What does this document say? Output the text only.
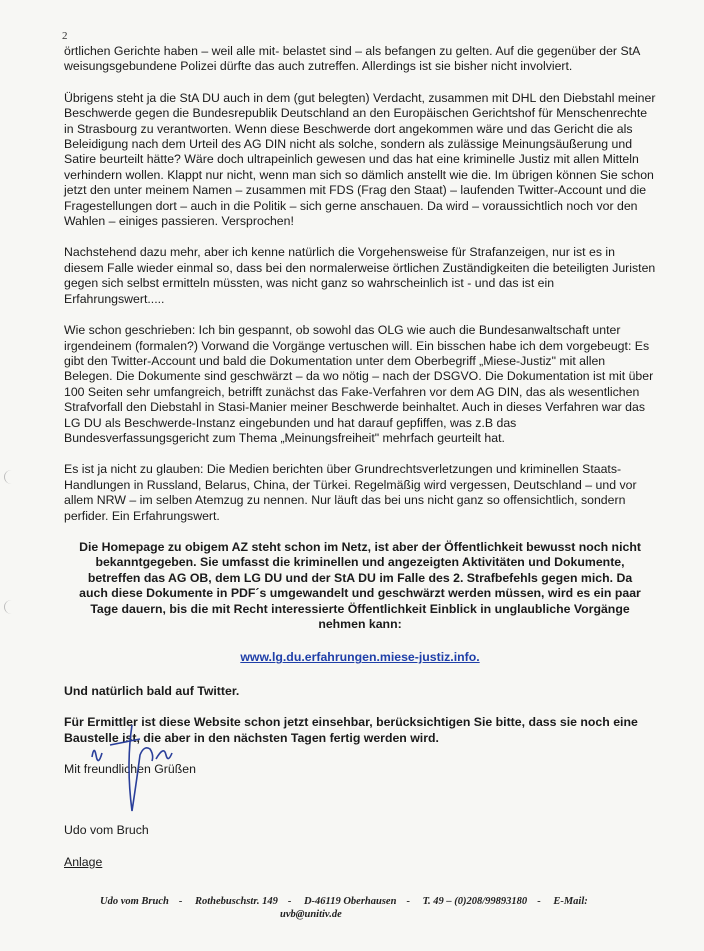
2

örtlichen Gerichte haben – weil alle mit- belastet sind – als befangen zu gelten. Auf die gegenüber der StA weisungsgebundene Polizei dürfte das auch zutreffen. Allerdings ist sie bisher nicht involviert.

Übrigens steht ja die StA DU auch in dem (gut belegten) Verdacht, zusammen mit DHL den Diebstahl meiner Beschwerde gegen die Bundesrepublik Deutschland an den Europäischen Gerichtshof für Menschenrechte in Strasbourg zu verantworten. Wenn diese Beschwerde dort angekommen wäre und das Gericht die als Beleidigung nach dem Urteil des AG DIN nicht als solche, sondern als zulässige Meinungsäußerung und Satire beurteilt hätte? Wäre doch ultrapeinlich gewesen und das hat eine kriminelle Justiz mit allen Mitteln verhindern wollen. Klappt nur nicht, wenn man sich so dämlich anstellt wie die. Im übrigen können Sie schon jetzt den unter meinem Namen – zusammen mit FDS (Frag den Staat) – laufenden Twitter-Account und die Fragestellungen dort – auch in die Politik – sich gerne anschauen. Da wird – voraussichtlich noch vor den Wahlen – einiges passieren. Versprochen!

Nachstehend dazu mehr, aber ich kenne natürlich die Vorgehensweise für Strafanzeigen, nur ist es in diesem Falle wieder einmal so, dass bei den normalerweise örtlichen Zuständigkeiten die beteiligten Juristen gegen sich selbst ermitteln müssten, was nicht ganz so wahrscheinlich ist - und das ist ein Erfahrungswert.....

Wie schon geschrieben: Ich bin gespannt, ob sowohl das OLG wie auch die Bundesanwaltschaft unter irgendeinem (formalen?) Vorwand die Vorgänge vertuschen will. Ein bisschen habe ich dem vorgebeugt: Es gibt den Twitter-Account und bald die Dokumentation unter dem Oberbegriff „Miese-Justiz" mit allen Belegen. Die Dokumente sind geschwärzt – da wo nötig – nach der DSGVO. Die Dokumentation ist mit über 100 Seiten sehr umfangreich, betrifft zunächst das Fake-Verfahren vor dem AG DIN, das als wesentlichen Strafvorfall den Diebstahl in Stasi-Manier meiner Beschwerde beinhaltet. Auch in dieses Verfahren war das LG DU als Beschwerde-Instanz eingebunden und hat darauf gepfiffen, was z.B das Bundesverfassungsgericht zum Thema „Meinungsfreiheit" mehrfach geurteilt hat.

Es ist ja nicht zu glauben: Die Medien berichten über Grundrechtsverletzungen und kriminellen Staats-Handlungen in Russland, Belarus, China, der Türkei. Regelmäßig wird vergessen, Deutschland – und vor allem NRW – im selben Atemzug zu nennen. Nur läuft das bei uns nicht ganz so offensichtlich, sondern perfider. Ein Erfahrungswert.

Die Homepage zu obigem AZ steht schon im Netz, ist aber der Öffentlichkeit bewusst noch nicht bekanntgegeben. Sie umfasst die kriminellen und angezeigten Aktivitäten und Dokumente, betreffen das AG OB, dem LG DU und der StA DU im Falle des 2. Strafbefehls gegen mich. Da auch diese Dokumente in PDF´s umgewandelt und geschwärzt werden müssen, wird es ein paar Tage dauern, bis die mit Recht interessierte Öffentlichkeit Einblick in unglaubliche Vorgänge nehmen kann:
www.lg.du.erfahrungen.miese-justiz.info.

Und natürlich bald auf Twitter.

Für Ermittler ist diese Website schon jetzt einsehbar, berücksichtigen Sie bitte, dass sie noch eine Baustelle ist, die aber in den nächsten Tagen fertig werden wird.

Mit freundlichen Grüßen

Udo vom Bruch

Anlage

Udo vom Bruch - Rothebuschstr. 149 - D-46119 Oberhausen - T. 49 – (0)208/99893180 - E-Mail:
uvb@unitiv.de
